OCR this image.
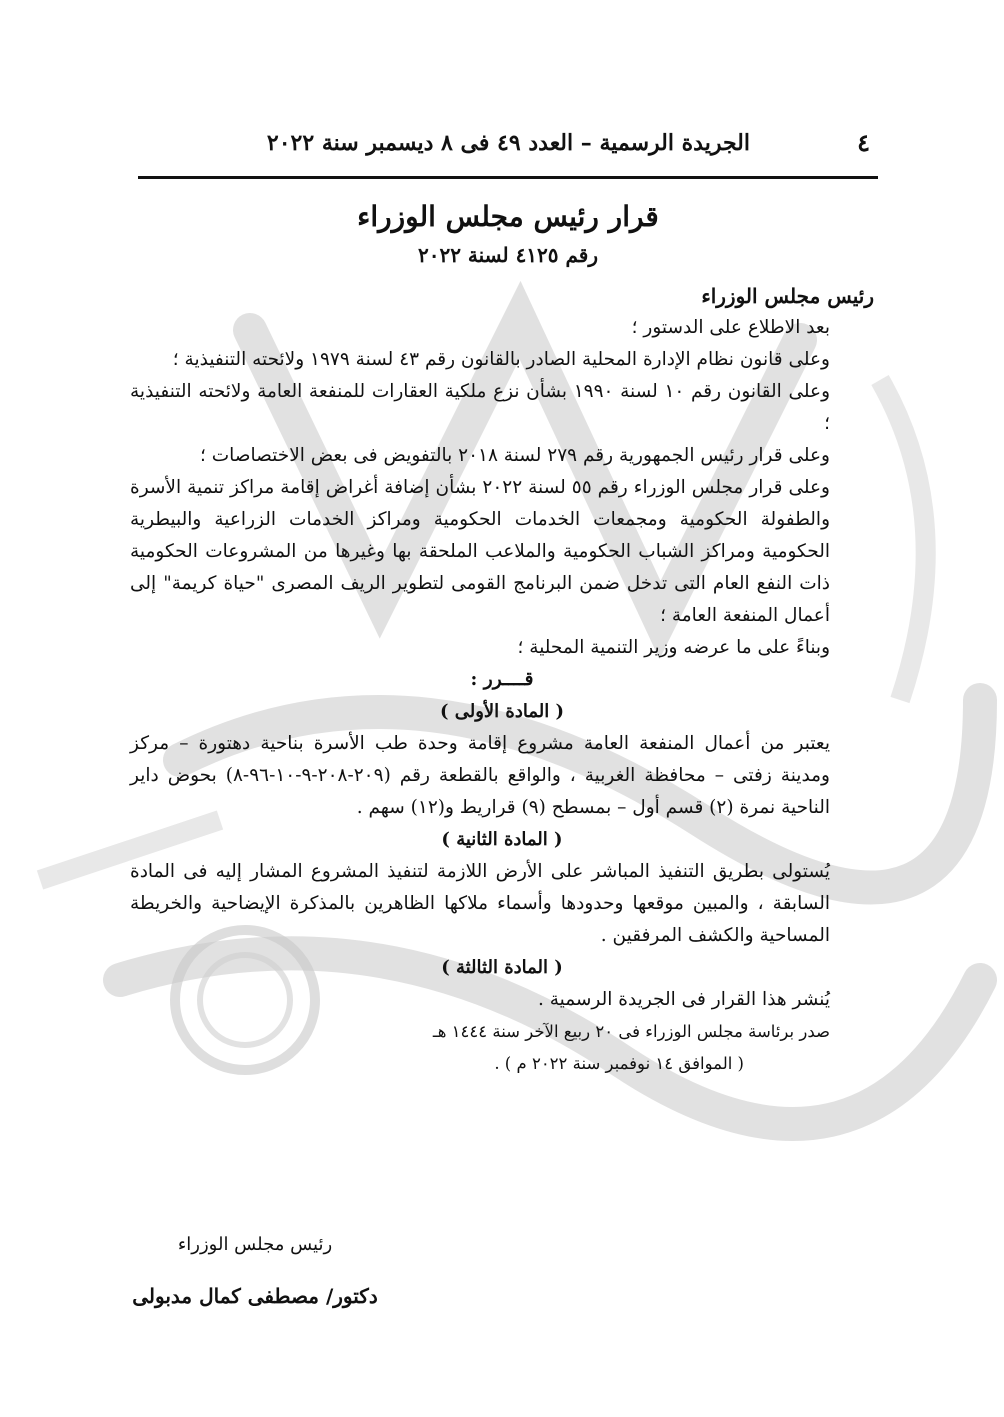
٤
الجريدة الرسمية – العدد ٤٩ فى ٨ ديسمبر سنة ٢٠٢٢
قرار رئيس مجلس الوزراء
رقم ٤١٢٥ لسنة ٢٠٢٢

رئيس مجلس الوزراء

بعد الاطلاع على الدستور ؛

وعلى قانون نظام الإدارة المحلية الصادر بالقانون رقم ٤٣ لسنة ١٩٧٩ ولائحته التنفيذية ؛

وعلى القانون رقم ١٠ لسنة ١٩٩٠ بشأن نزع ملكية العقارات للمنفعة العامة ولائحته التنفيذية ؛

وعلى قرار رئيس الجمهورية رقم ٢٧٩ لسنة ٢٠١٨ بالتفويض فى بعض الاختصاصات ؛

وعلى قرار مجلس الوزراء رقم ٥٥ لسنة ٢٠٢٢ بشأن إضافة أغراض إقامة مراكز تنمية الأسرة والطفولة الحكومية ومجمعات الخدمات الحكومية ومراكز الخدمات الزراعية والبيطرية الحكومية ومراكز الشباب الحكومية والملاعب الملحقة بها وغيرها من المشروعات الحكومية ذات النفع العام التى تدخل ضمن البرنامج القومى لتطوير الريف المصرى "حياة كريمة" إلى أعمال المنفعة العامة ؛

وبناءً على ما عرضه وزير التنمية المحلية ؛

قــــرر :

( المادة الأولى )

يعتبر من أعمال المنفعة العامة مشروع إقامة وحدة طب الأسرة بناحية دهتورة – مركز ومدينة زفتى – محافظة الغربية ، والواقع بالقطعة رقم (٢٠٩-٢٠٨-٩-١٠-٩٦-٨) بحوض داير الناحية نمرة (٢) قسم أول – بمسطح (٩) قراريط و(١٢) سهم .

( المادة الثانية )

يُستولى بطريق التنفيذ المباشر على الأرض اللازمة لتنفيذ المشروع المشار إليه فى المادة السابقة ، والمبين موقعها وحدودها وأسماء ملاكها الظاهرين بالمذكرة الإيضاحية والخريطة المساحية والكشف المرفقين .

( المادة الثالثة )

يُنشر هذا القرار فى الجريدة الرسمية .

صدر برئاسة مجلس الوزراء فى ٢٠ ربيع الآخر سنة ١٤٤٤ هـ

( الموافق ١٤ نوفمبر سنة ٢٠٢٢ م ) .

رئيس مجلس الوزراء
دكتور/ مصطفى كمال مدبولى
